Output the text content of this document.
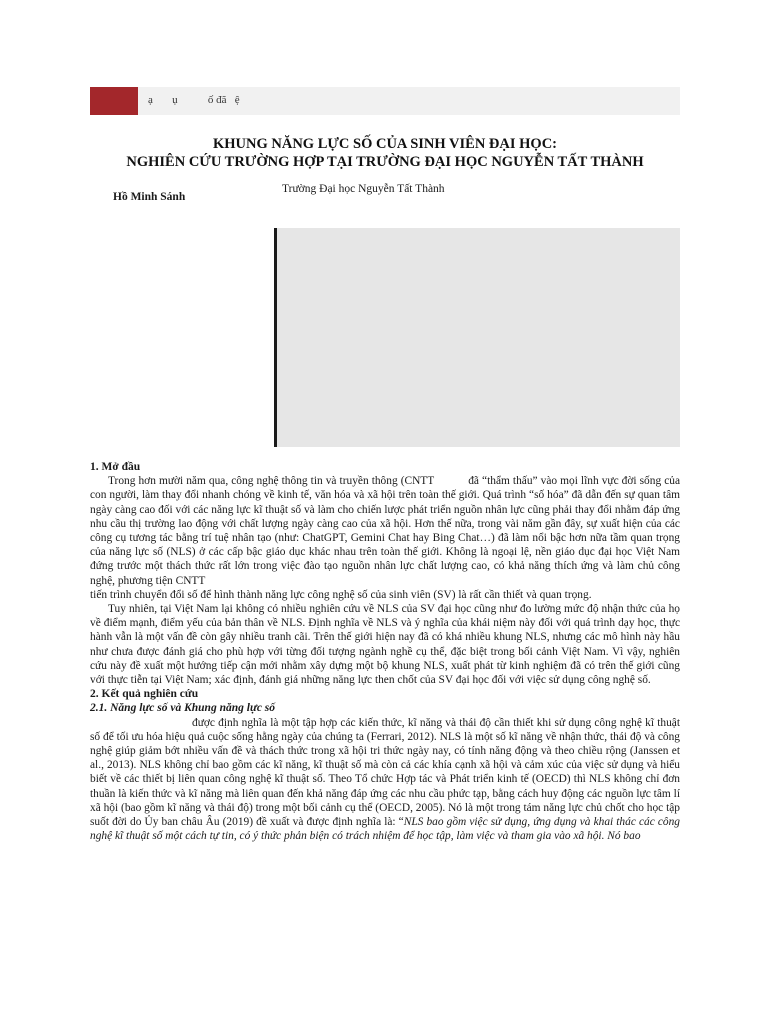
ạ       ụ           ố đã   ệ
KHUNG NĂNG LỰC SỐ CỦA SINH VIÊN ĐẠI HỌC:
NGHIÊN CỨU TRƯỜNG HỢP TẠI TRƯỜNG ĐẠI HỌC NGUYỄN TẤT THÀNH
Hồ Minh Sánh
Trường Đại học Nguyễn Tất Thành
1. Mở đầu

Trong hơn mười năm qua, công nghệ thông tin và truyền thông (CNTT	đã “thẩm thấu” vào mọi lĩnh vực đời sống của con người, làm thay đổi nhanh chóng về kinh tế, văn hóa và xã hội trên toàn thế giới. Quá trình “số hóa” đã dẫn đến sự quan tâm ngày càng cao đối với các năng lực kĩ thuật số và làm cho chiến lược phát triển nguồn nhân lực cũng phải thay đổi nhằm đáp ứng nhu cầu thị trường lao động với chất lượng ngày càng cao của xã hội. Hơn thế nữa, trong vài năm gần đây, sự xuất hiện của các công cụ tương tác bằng trí tuệ nhân tạo (như: ChatGPT, Gemini Chat hay Bing Chat…) đã làm nổi bậc hơn nữa tầm quan trọng của năng lực số (NLS) ở các cấp bậc giáo dục khác nhau trên toàn thế giới. Không là ngoại lệ, nền giáo dục đại học Việt Nam đứng trước một thách thức rất lớn trong việc đào tạo nguồn nhân lực chất lượng cao, có khả năng thích ứng và làm chủ công nghệ, phương tiện CNTT
tiến trình chuyển đổi số để hình thành năng lực công nghệ số của sinh viên (SV) là rất cần thiết và quan trọng.

Tuy nhiên, tại Việt Nam lại không có nhiều nghiên cứu về NLS của SV đại học cũng như đo lường mức độ nhận thức của họ về điểm mạnh, điểm yếu của bản thân về NLS. Định nghĩa về NLS và ý nghĩa của khái niệm này đối với quá trình dạy học, thực hành vẫn là một vấn đề còn gây nhiều tranh cãi. Trên thế giới hiện nay đã có khá nhiều khung NLS, nhưng các mô hình này hầu như chưa được đánh giá cho phù hợp với từng đối tượng ngành nghề cụ thể, đặc biệt trong bối cảnh Việt Nam. Vì vậy, nghiên cứu này đề xuất một hướng tiếp cận mới nhằm xây dựng một bộ khung NLS, xuất phát từ kinh nghiệm đã có trên thế giới cũng với thực tiễn tại Việt Nam; xác định, đánh giá những năng lực then chốt của SV đại học đối với việc sử dụng công nghệ số.

2. Kết quả nghiên cứu
2.1. Năng lực số và Khung năng lực số

được định nghĩa là một tập hợp các kiến thức, kĩ năng và thái độ cần thiết khi sử dụng công nghệ kĩ thuật số để tối ưu hóa hiệu quả cuộc sống hằng ngày của chúng ta (Ferrari, 2012). NLS là một số kĩ năng về nhận thức, thái độ và công nghệ giúp giảm bớt nhiều vấn đề và thách thức trong xã hội tri thức ngày nay, có tính năng động và theo chiều rộng (Janssen et al., 2013). NLS không chỉ bao gồm các kĩ năng, kĩ thuật số mà còn cả các khía cạnh xã hội và cảm xúc của việc sử dụng và hiểu biết về các thiết bị liên quan công nghệ kĩ thuật số. Theo Tổ chức Hợp tác và Phát triển kinh tế (OECD) thì NLS không chỉ đơn thuần là kiến thức và kĩ năng mà liên quan đến khả năng đáp ứng các nhu cầu phức tạp, bằng cách huy động các nguồn lực tâm lí xã hội (bao gồm kĩ năng và thái độ) trong một bối cảnh cụ thể (OECD, 2005). Nó là một trong tám năng lực chủ chốt cho học tập suốt đời do Ủy ban châu Âu (2019) đề xuất và được định nghĩa là: “NLS bao gồm việc sử dụng, ứng dụng và khai thác các công nghệ kĩ thuật số một cách tự tin, có ý thức phản biện có trách nhiệm để học tập, làm việc và tham gia vào xã hội. Nó bao
